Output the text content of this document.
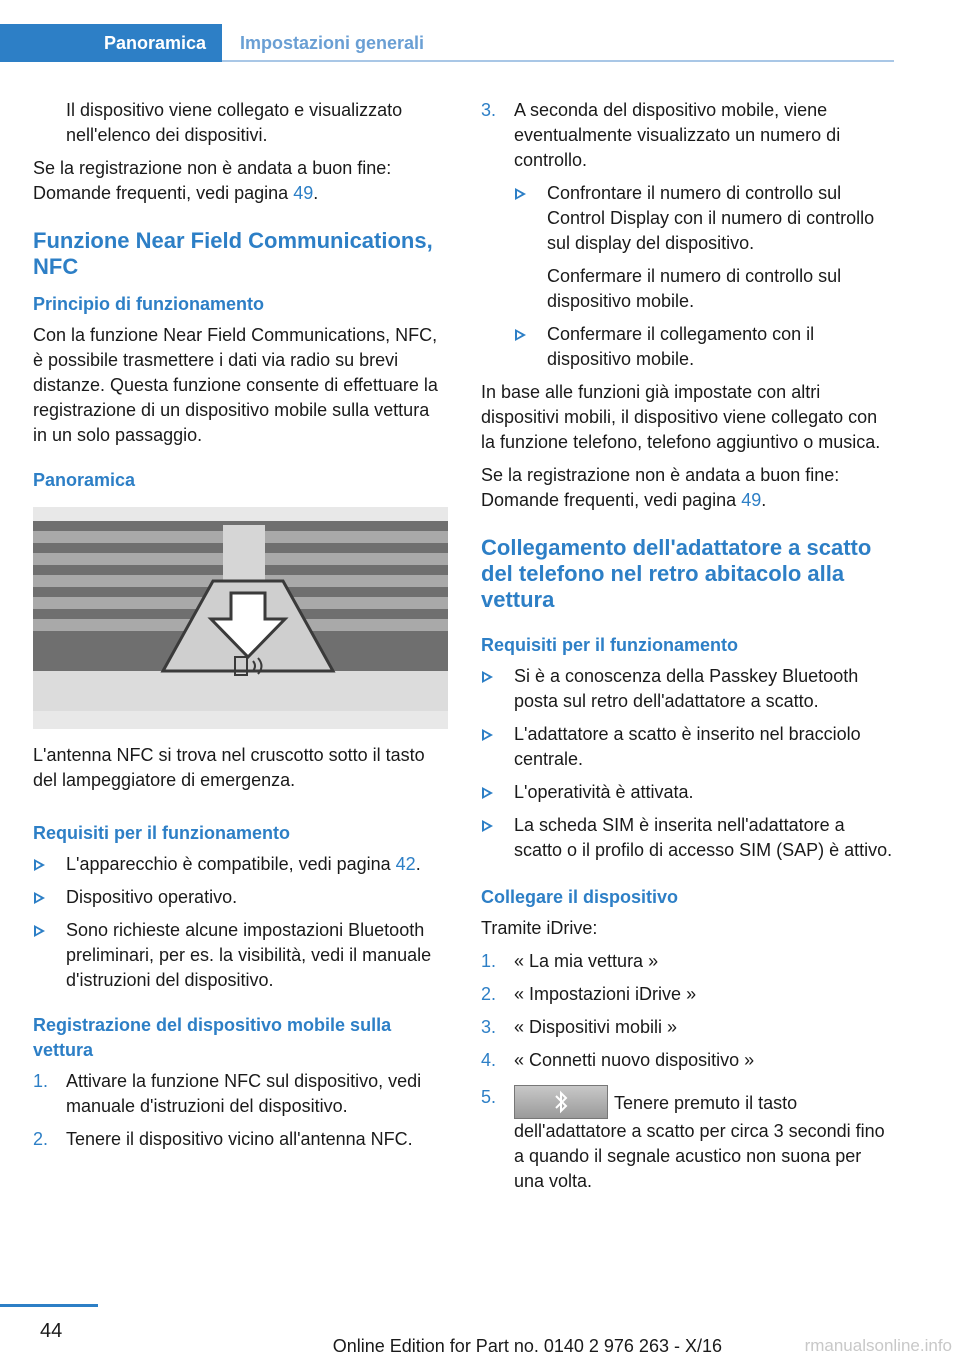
Panoramica	Impostazioni generali

Il dispositivo viene collegato e visualizzato nell'elenco dei dispositivi.

Se la registrazione non è andata a buon fine: Domande frequenti, vedi pagina 49.

Funzione Near Field Communications, NFC
Principio di funzionamento

Con la funzione Near Field Communications, NFC, è possibile trasmettere i dati via radio su brevi distanze. Questa funzione consente di effettuare la registrazione di un dispositivo mobile sulla vettura in un solo passaggio.

Panoramica

L'antenna NFC si trova nel cruscotto sotto il tasto del lampeggiatore di emergenza.

Requisiti per il funzionamento
L'apparecchio è compatibile, vedi pagina 42.
Dispositivo operativo.
Sono richieste alcune impostazioni Bluetooth preliminari, per es. la visibilità, vedi il manuale d'istruzioni del dispositivo.
Registrazione del dispositivo mobile sulla vettura
1. Attivare la funzione NFC sul dispositivo, vedi manuale d'istruzioni del dispositivo.
2. Tenere il dispositivo vicino all'antenna NFC.
3. A seconda del dispositivo mobile, viene eventualmente visualizzato un numero di controllo.
Confrontare il numero di controllo sul Control Display con il numero di controllo sul display del dispositivo.

Confermare il numero di controllo sul dispositivo mobile.

Confermare il collegamento con il dispositivo mobile.

In base alle funzioni già impostate con altri dispositivi mobili, il dispositivo viene collegato con la funzione telefono, telefono aggiuntivo o musica.

Se la registrazione non è andata a buon fine: Domande frequenti, vedi pagina 49.

Collegamento dell'adattatore a scatto del telefono nel retro abitacolo alla vettura
Requisiti per il funzionamento
Si è a conoscenza della Passkey Bluetooth posta sul retro dell'adattatore a scatto.
L'adattatore a scatto è inserito nel bracciolo centrale.
L'operatività è attivata.
La scheda SIM è inserita nell'adattatore a scatto o il profilo di accesso SIM (SAP) è attivo.
Collegare il dispositivo

Tramite iDrive:

1. « La mia vettura »
2. « Impostazioni iDrive »
3. « Dispositivi mobili »
4. « Connetti nuovo dispositivo »
5.	Tenere premuto il tasto dell'adattatore a scatto per circa 3 secondi fino a quando il segnale acustico non suona per una volta.
44
Online Edition for Part no. 0140 2 976 263 - X/16	rmanualsonline.info
